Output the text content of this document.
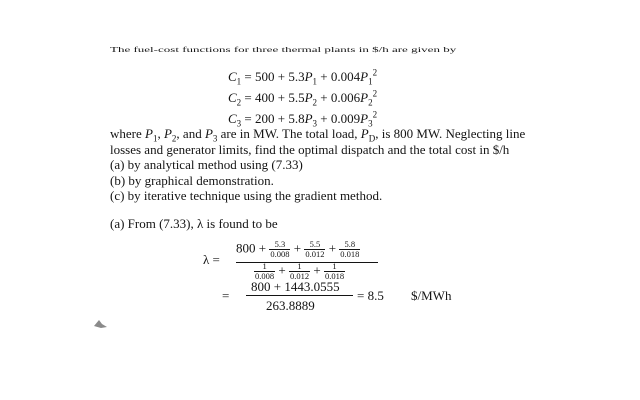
The fuel-cost functions for three thermal plants in $/h are given by
$C_1 = 500 + 5.3P_1 + 0.004P_1^2$
$C_2 = 400 + 5.5P_2 + 0.006P_2^2$
$C_3 = 200 + 5.8P_3 + 0.009P_3^2$
where $P_1$, $P_2$, and $P_3$ are in MW. The total load, $P_D$, is 800 MW. Neglecting line
losses and generator limits, find the optimal dispatch and the total cost in $/h
(a) by analytical method using (7.33)
(b) by graphical demonstration.
(c) by iterative technique using the gradient method.
(a) From (7.33), λ is found to be
λ =
$800 + \frac{5.3}{0.008} + \frac{5.5}{0.012} + \frac{5.8}{0.018}$
$\frac{1}{0.008} + \frac{1}{0.012} + \frac{1}{0.018}$
=
800 + 1443.0555
263.8889
= 8.5 $/MWh
